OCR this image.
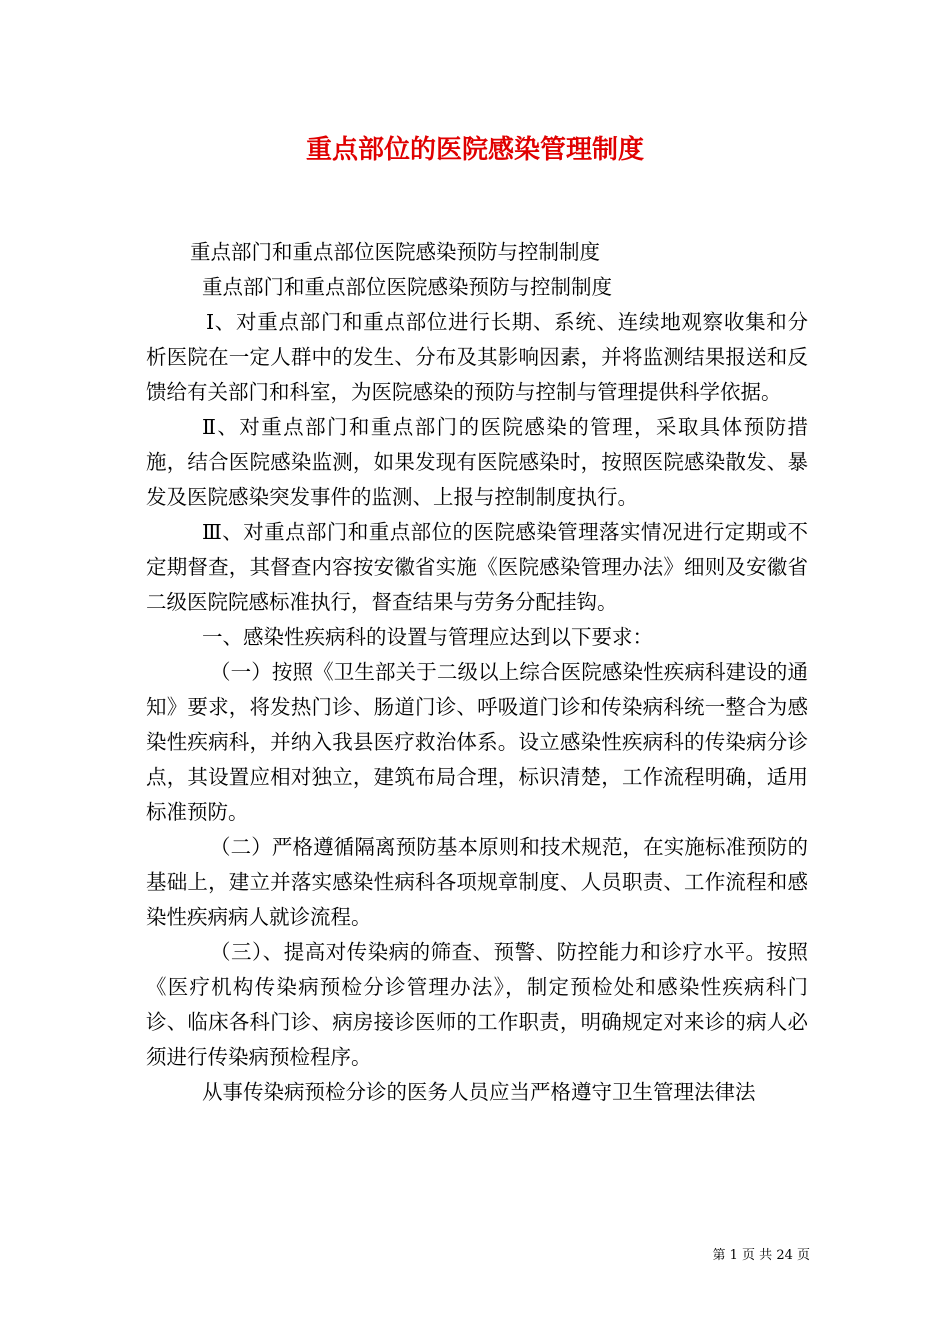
重点部位的医院感染管理制度

重点部门和重点部位医院感染预防与控制制度

重点部门和重点部位医院感染预防与控制制度

Ⅰ、对重点部门和重点部位进行长期、系统、连续地观察收集和分析医院在一定人群中的发生、分布及其影响因素，并将监测结果报送和反馈给有关部门和科室，为医院感染的预防与控制与管理提供科学依据。

Ⅱ、对重点部门和重点部门的医院感染的管理，采取具体预防措施，结合医院感染监测，如果发现有医院感染时，按照医院感染散发、暴发及医院感染突发事件的监测、上报与控制制度执行。

Ⅲ、对重点部门和重点部位的医院感染管理落实情况进行定期或不定期督查，其督查内容按安徽省实施《医院感染管理办法》细则及安徽省二级医院院感标准执行，督查结果与劳务分配挂钩。

一、感染性疾病科的设置与管理应达到以下要求：

（一）按照《卫生部关于二级以上综合医院感染性疾病科建设的通知》要求，将发热门诊、肠道门诊、呼吸道门诊和传染病科统一整合为感染性疾病科，并纳入我县医疗救治体系。设立感染性疾病科的传染病分诊点，其设置应相对独立，建筑布局合理，标识清楚，工作流程明确，适用标准预防。

（二）严格遵循隔离预防基本原则和技术规范，在实施标准预防的基础上，建立并落实感染性病科各项规章制度、人员职责、工作流程和感染性疾病病人就诊流程。

（三）、提高对传染病的筛查、预警、防控能力和诊疗水平。按照《医疗机构传染病预检分诊管理办法》，制定预检处和感染性疾病科门诊、临床各科门诊、病房接诊医师的工作职责，明确规定对来诊的病人必须进行传染病预检程序。

从事传染病预检分诊的医务人员应当严格遵守卫生管理法律法

第 1 页 共 24 页
